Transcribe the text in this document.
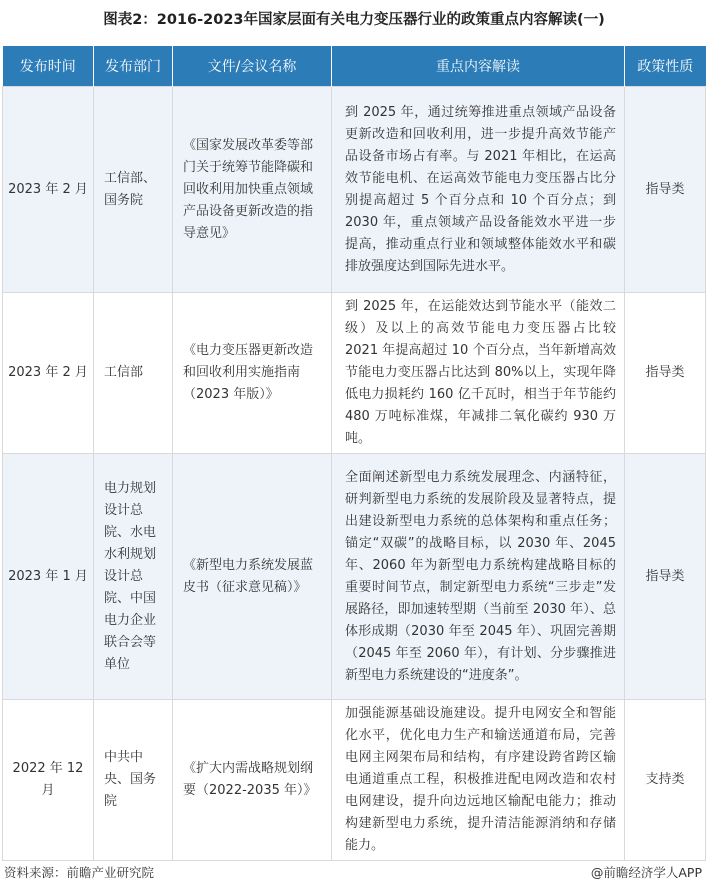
图表2：2016-2023年国家层面有关电力变压器行业的政策重点内容解读(一)
发布时间	发布部门	文件/会议名称	重点内容解读	政策性质
2023 年 2 月	工信部、国务院	《国家发展改革委等部门关于统筹节能降碳和回收利用加快重点领域产品设备更新改造的指导意见》	到 2025 年，通过统筹推进重点领域产品设备更新改造和回收利用，进一步提升高效节能产品设备市场占有率。与 2021 年相比，在运高效节能电机、在运高效节能电力变压器占比分别提高超过 5 个百分点和 10 个百分点；到 2030 年，重点领域产品设备能效水平进一步提高，推动重点行业和领域整体能效水平和碳排放强度达到国际先进水平。	指导类
2023 年 2 月	工信部	《电力变压器更新改造和回收利用实施指南（2023 年版）》	到 2025 年，在运能效达到节能水平（能效二级）及以上的高效节能电力变压器占比较 2021 年提高超过 10 个百分点，当年新增高效节能电力变压器占比达到 80%以上，实现年降低电力损耗约 160 亿千瓦时，相当于年节能约 480 万吨标准煤，年减排二氧化碳约 930 万吨。	指导类
2023 年 1 月	电力规划设计总院、水电水利规划设计总院、中国电力企业联合会等单位	《新型电力系统发展蓝皮书（征求意见稿）》	全面阐述新型电力系统发展理念、内涵特征，研判新型电力系统的发展阶段及显著特点，提出建设新型电力系统的总体架构和重点任务；锚定“双碳”的战略目标，以 2030 年、2045 年、2060 年为新型电力系统构建战略目标的重要时间节点，制定新型电力系统“三步走”发展路径，即加速转型期（当前至 2030 年）、总体形成期（2030 年至 2045 年）、巩固完善期（2045 年至 2060 年），有计划、分步骤推进新型电力系统建设的“进度条”。	指导类
2022 年 12 月	中共中央、国务院	《扩大内需战略规划纲要（2022-2035 年）》	加强能源基础设施建设。提升电网安全和智能化水平，优化电力生产和输送通道布局，完善电网主网架布局和结构，有序建设跨省跨区输电通道重点工程，积极推进配电网改造和农村电网建设，提升向边远地区输配电能力；推动构建新型电力系统，提升清洁能源消纳和存储能力。	支持类
资料来源：前瞻产业研究院	@前瞻经济学人APP
